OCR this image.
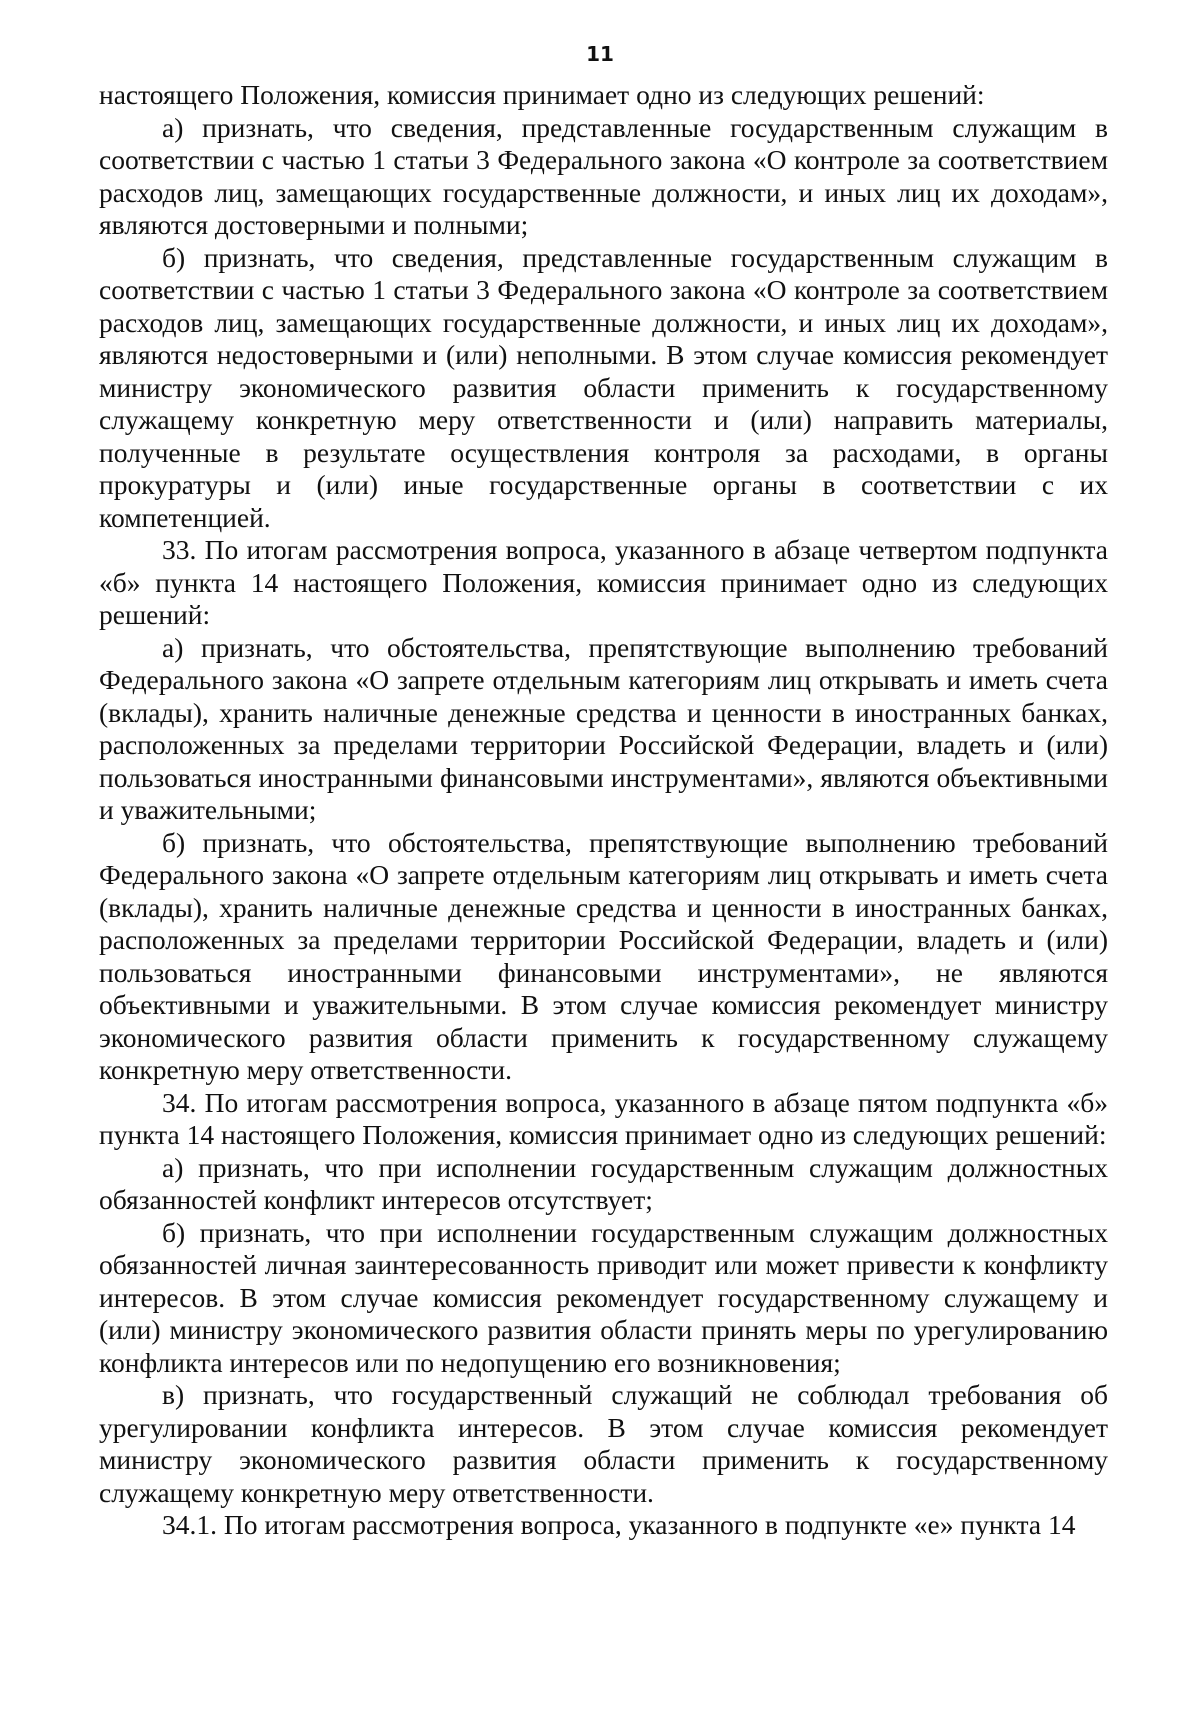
11

настоящего Положения, комиссия принимает одно из следующих решений:

а) признать, что сведения, представленные государственным служащим в соответствии с частью 1 статьи 3 Федерального закона «О контроле за соответствием расходов лиц, замещающих государственные должности, и иных лиц их доходам», являются достоверными и полными;

б) признать, что сведения, представленные государственным служащим в соответствии с частью 1 статьи 3 Федерального закона «О контроле за соответствием расходов лиц, замещающих государственные должности, и иных лиц их доходам», являются недостоверными и (или) неполными. В этом случае комиссия рекомендует министру экономического развития области применить к государственному служащему конкретную меру ответственности и (или) направить материалы, полученные в результате осуществления контроля за расходами, в органы прокуратуры и (или) иные государственные органы в соответствии с их компетенцией.

33. По итогам рассмотрения вопроса, указанного в абзаце четвертом подпункта «б» пункта 14 настоящего Положения, комиссия принимает одно из следующих решений:

а) признать, что обстоятельства, препятствующие выполнению требований Федерального закона «О запрете отдельным категориям лиц открывать и иметь счета (вклады), хранить наличные денежные средства и ценности в иностранных банках, расположенных за пределами территории Российской Федерации, владеть и (или) пользоваться иностранными финансовыми инструментами», являются объективными и уважительными;

б) признать, что обстоятельства, препятствующие выполнению требований Федерального закона «О запрете отдельным категориям лиц открывать и иметь счета (вклады), хранить наличные денежные средства и ценности в иностранных банках, расположенных за пределами территории Российской Федерации, владеть и (или) пользоваться иностранными финансовыми инструментами», не являются объективными и уважительными. В этом случае комиссия рекомендует министру экономического развития области применить к государственному служащему конкретную меру ответственности.

34. По итогам рассмотрения вопроса, указанного в абзаце пятом подпункта «б» пункта 14 настоящего Положения, комиссия принимает одно из следующих решений:

а) признать, что при исполнении государственным служащим должностных обязанностей конфликт интересов отсутствует;

б) признать, что при исполнении государственным служащим должностных обязанностей личная заинтересованность приводит или может привести к конфликту интересов. В этом случае комиссия рекомендует государственному служащему и (или) министру экономического развития области принять меры по урегулированию конфликта интересов или по недопущению его возникновения;

в) признать, что государственный служащий не соблюдал требования об урегулировании конфликта интересов. В этом случае комиссия рекомендует министру экономического развития области применить к государственному служащему конкретную меру ответственности.

34.1. По итогам рассмотрения вопроса, указанного в подпункте «е» пункта 14
